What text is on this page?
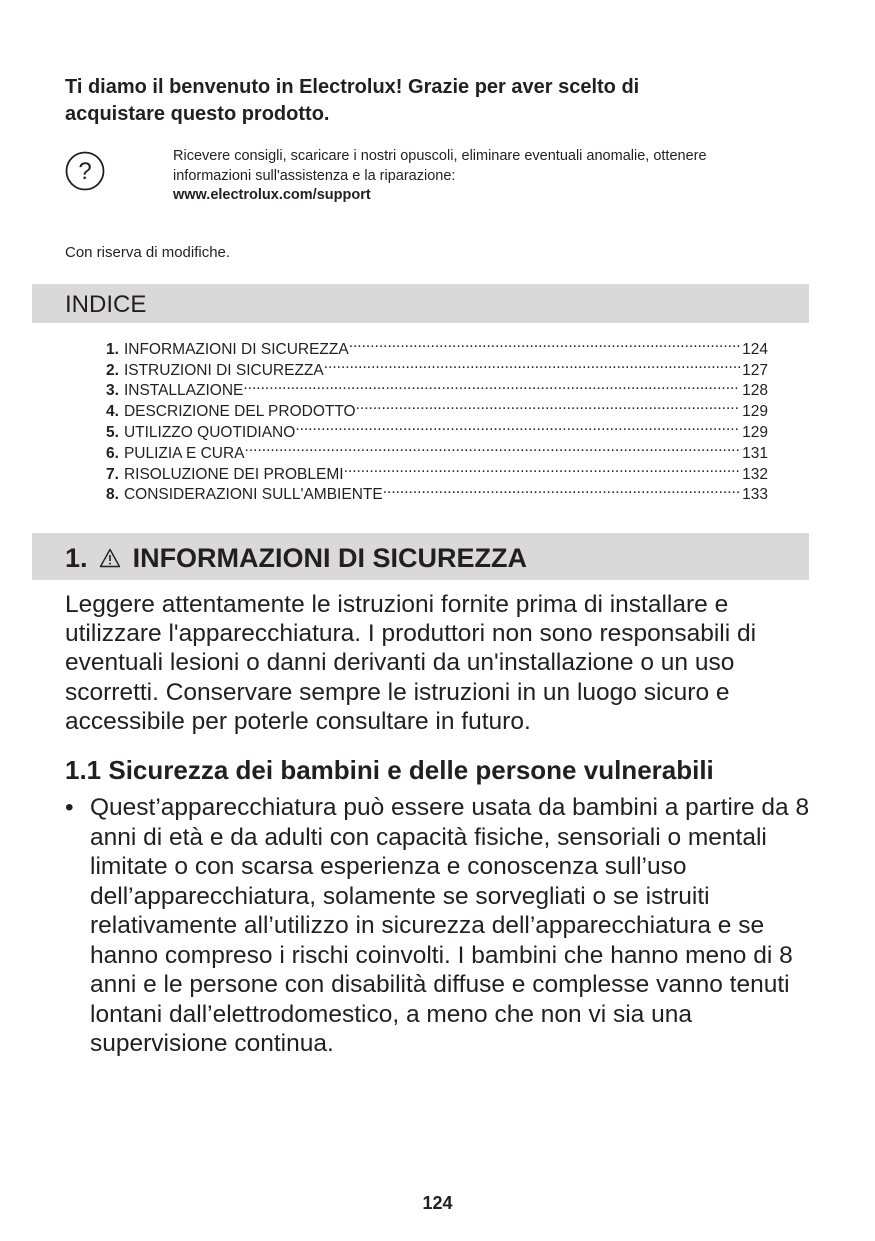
Ti diamo il benvenuto in Electrolux! Grazie per aver scelto di
acquistare questo prodotto.
?
Ricevere consigli, scaricare i nostri opuscoli, eliminare eventuali anomalie, ottenere
informazioni sull'assistenza e la riparazione:
www.electrolux.com/support
Con riserva di modifiche.
INDICE
1. INFORMAZIONI DI SICUREZZA .....	124
2. ISTRUZIONI DI SICUREZZA .....	127
3. INSTALLAZIONE .....	128
4. DESCRIZIONE DEL PRODOTTO .....	129
5. UTILIZZO QUOTIDIANO .....	129
6. PULIZIA E CURA .....	131
7. RISOLUZIONE DEI PROBLEMI .....	132
8. CONSIDERAZIONI SULL'AMBIENTE .....	133
1. INFORMAZIONI DI SICUREZZA

Leggere attentamente le istruzioni fornite prima di installare e utilizzare l'apparecchiatura. I produttori non sono responsabili di eventuali lesioni o danni derivanti da un'installazione o un uso scorretti. Conservare sempre le istruzioni in un luogo sicuro e accessibile per poterle consultare in futuro.

1.1 Sicurezza dei bambini e delle persone vulnerabili
• Quest’apparecchiatura può essere usata da bambini a partire da 8 anni di età e da adulti con capacità fisiche, sensoriali o mentali limitate o con scarsa esperienza e conoscenza sull’uso dell’apparecchiatura, solamente se sorvegliati o se istruiti relativamente all’utilizzo in sicurezza dell’apparecchiatura e se hanno compreso i rischi coinvolti. I bambini che hanno meno di 8 anni e le persone con disabilità diffuse e complesse vanno tenuti lontani dall’elettrodomestico, a meno che non vi sia una supervisione continua.
124
